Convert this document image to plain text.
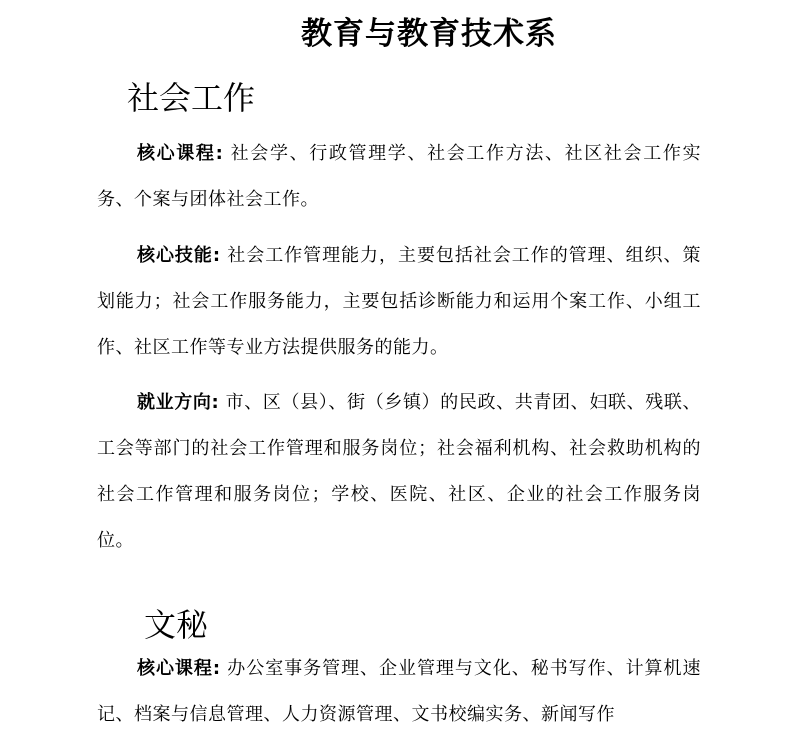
教育与教育技术系
社会工作

核心课程: 社会学、行政管理学、社会工作方法、社区社会工作实务、个案与团体社会工作。

核心技能: 社会工作管理能力，主要包括社会工作的管理、组织、策划能力；社会工作服务能力，主要包括诊断能力和运用个案工作、小组工作、社区工作等专业方法提供服务的能力。

就业方向: 市、区（县）、街（乡镇）的民政、共青团、妇联、残联、工会等部门的社会工作管理和服务岗位；社会福利机构、社会救助机构的社会工作管理和服务岗位；学校、医院、社区、企业的社会工作服务岗位。

文秘

核心课程: 办公室事务管理、企业管理与文化、秘书写作、计算机速记、档案与信息管理、人力资源管理、文书校编实务、新闻写作
